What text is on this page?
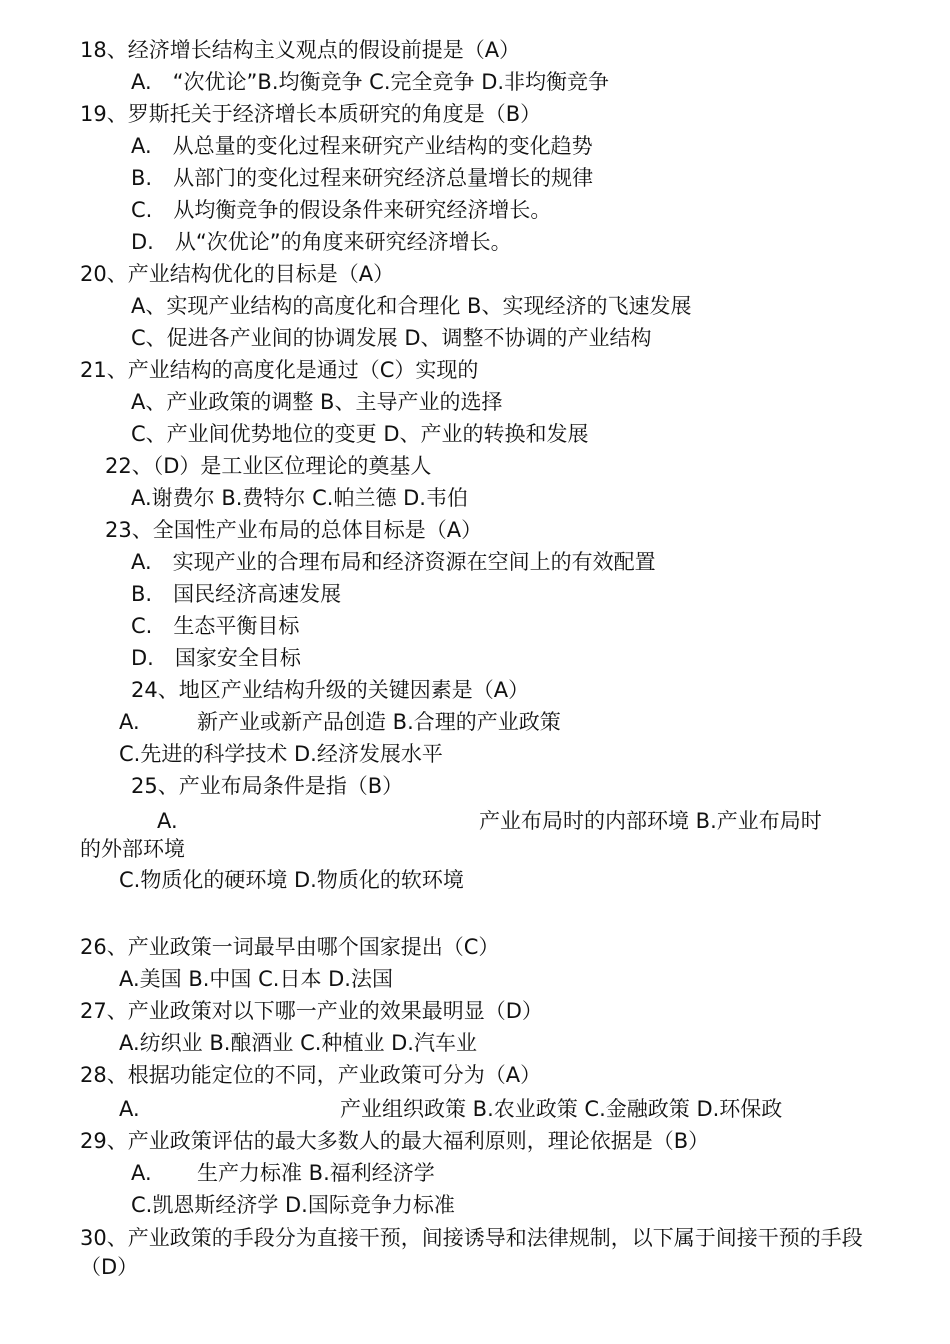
18、经济增长结构主义观点的假设前提是（A）
A.　“次优论”B.均衡竞争 C.完全竞争 D.非均衡竞争
19、罗斯托关于经济增长本质研究的角度是（B）
A.　从总量的变化过程来研究产业结构的变化趋势
B.　从部门的变化过程来研究经济总量增长的规律
C.　从均衡竞争的假设条件来研究经济增长。
D.　从“次优论”的角度来研究经济增长。
20、产业结构优化的目标是（A）
A、实现产业结构的高度化和合理化 B、实现经济的飞速发展
C、促进各产业间的协调发展 D、调整不协调的产业结构
21、产业结构的高度化是通过（C）实现的
A、产业政策的调整 B、主导产业的选择
C、产业间优势地位的变更 D、产业的转换和发展
22、（D）是工业区位理论的奠基人
A.谢费尔 B.费特尔 C.帕兰德 D.韦伯
23、全国性产业布局的总体目标是（A）
A.　实现产业的合理布局和经济资源在空间上的有效配置
B.　国民经济高速发展
C.　生态平衡目标
D.　国家安全目标
24、地区产业结构升级的关键因素是（A）
A.	新产业或新产品创造 B.合理的产业政策
C.先进的科学技术 D.经济发展水平
25、产业布局条件是指（B）
A.	产业布局时的内部环境 B.产业布局时
的外部环境
C.物质化的硬环境 D.物质化的软环境
26、产业政策一词最早由哪个国家提出（C）
A.美国 B.中国 C.日本 D.法国
27、产业政策对以下哪一产业的效果最明显（D）
A.纺织业 B.酿酒业 C.种植业 D.汽车业
28、根据功能定位的不同，产业政策可分为（A）
A.	产业组织政策 B.农业政策 C.金融政策 D.环保政
29、产业政策评估的最大多数人的最大福利原则，理论依据是（B）
A. 生产力标准 B.福利经济学
C.凯恩斯经济学 D.国际竞争力标准
30、产业政策的手段分为直接干预，间接诱导和法律规制，以下属于间接干预的手段（D）
